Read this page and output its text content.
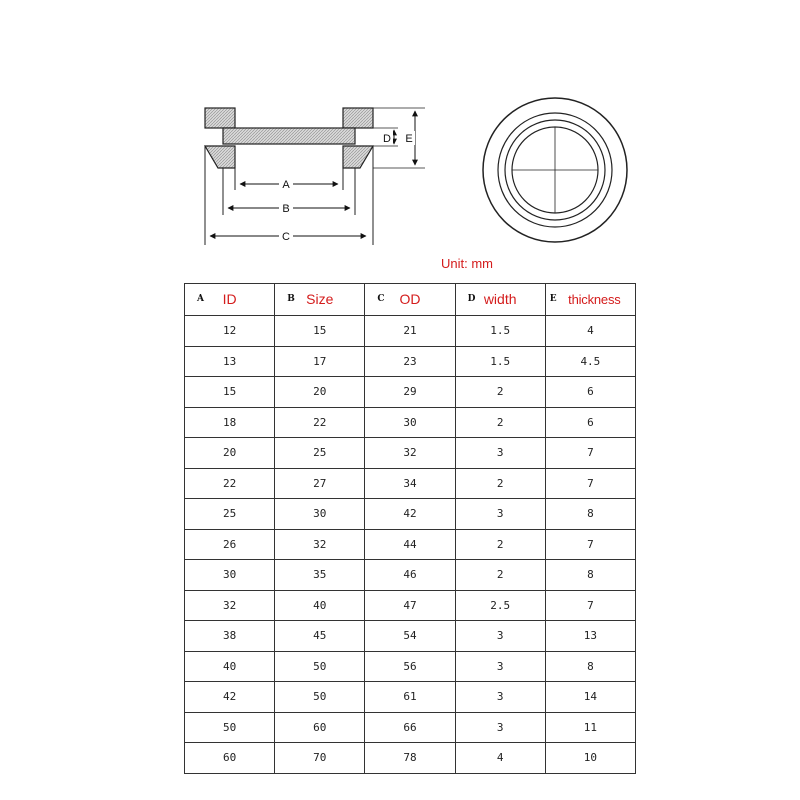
A
B
C
D E
Unit: mm
A ID	B Size	C OD	D width	E thickness
12	15	21	1.5	4
13	17	23	1.5	4.5
15	20	29	2	6
18	22	30	2	6
20	25	32	3	7
22	27	34	2	7
25	30	42	3	8
26	32	44	2	7
30	35	46	2	8
32	40	47	2.5	7
38	45	54	3	13
40	50	56	3	8
42	50	61	3	14
50	60	66	3	11
60	70	78	4	10
